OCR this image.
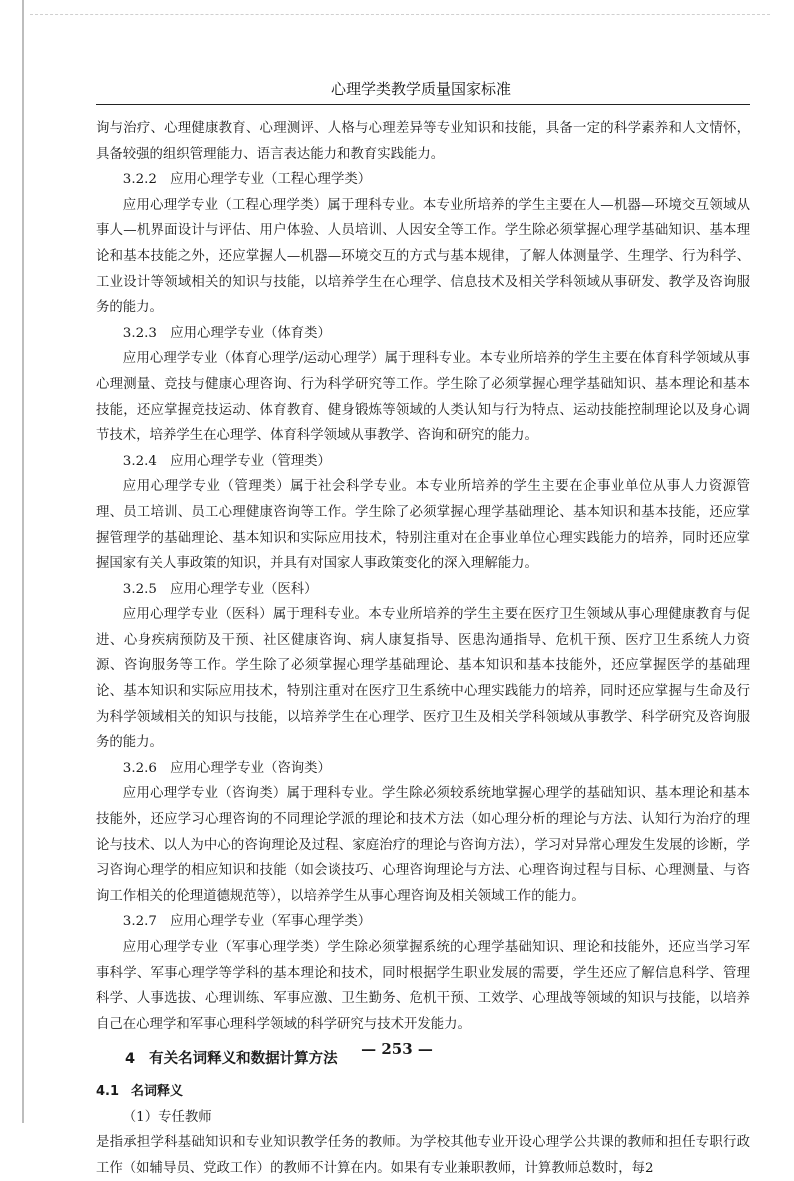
心理学类教学质量国家标准

询与治疗、心理健康教育、心理测评、人格与心理差异等专业知识和技能，具备一定的科学素养和人文情怀，具备较强的组织管理能力、语言表达能力和教育实践能力。

3.2.2　应用心理学专业（工程心理学类）

应用心理学专业（工程心理学类）属于理科专业。本专业所培养的学生主要在人—机器—环境交互领域从事人—机界面设计与评估、用户体验、人员培训、人因安全等工作。学生除必须掌握心理学基础知识、基本理论和基本技能之外，还应掌握人—机器—环境交互的方式与基本规律，了解人体测量学、生理学、行为科学、工业设计等领域相关的知识与技能，以培养学生在心理学、信息技术及相关学科领域从事研发、教学及咨询服务的能力。

3.2.3　应用心理学专业（体育类）

应用心理学专业（体育心理学/运动心理学）属于理科专业。本专业所培养的学生主要在体育科学领域从事心理测量、竞技与健康心理咨询、行为科学研究等工作。学生除了必须掌握心理学基础知识、基本理论和基本技能，还应掌握竞技运动、体育教育、健身锻炼等领域的人类认知与行为特点、运动技能控制理论以及身心调节技术，培养学生在心理学、体育科学领域从事教学、咨询和研究的能力。

3.2.4　应用心理学专业（管理类）

应用心理学专业（管理类）属于社会科学专业。本专业所培养的学生主要在企事业单位从事人力资源管理、员工培训、员工心理健康咨询等工作。学生除了必须掌握心理学基础理论、基本知识和基本技能，还应掌握管理学的基础理论、基本知识和实际应用技术，特别注重对在企事业单位心理实践能力的培养，同时还应掌握国家有关人事政策的知识，并具有对国家人事政策变化的深入理解能力。

3.2.5　应用心理学专业（医科）

应用心理学专业（医科）属于理科专业。本专业所培养的学生主要在医疗卫生领域从事心理健康教育与促进、心身疾病预防及干预、社区健康咨询、病人康复指导、医患沟通指导、危机干预、医疗卫生系统人力资源、咨询服务等工作。学生除了必须掌握心理学基础理论、基本知识和基本技能外，还应掌握医学的基础理论、基本知识和实际应用技术，特别注重对在医疗卫生系统中心理实践能力的培养，同时还应掌握与生命及行为科学领域相关的知识与技能，以培养学生在心理学、医疗卫生及相关学科领域从事教学、科学研究及咨询服务的能力。

3.2.6　应用心理学专业（咨询类）

应用心理学专业（咨询类）属于理科专业。学生除必须较系统地掌握心理学的基础知识、基本理论和基本技能外，还应学习心理咨询的不同理论学派的理论和技术方法（如心理分析的理论与方法、认知行为治疗的理论与技术、以人为中心的咨询理论及过程、家庭治疗的理论与咨询方法），学习对异常心理发生发展的诊断，学习咨询心理学的相应知识和技能（如会谈技巧、心理咨询理论与方法、心理咨询过程与目标、心理测量、与咨询工作相关的伦理道德规范等），以培养学生从事心理咨询及相关领域工作的能力。

3.2.7　应用心理学专业（军事心理学类）

应用心理学专业（军事心理学类）学生除必须掌握系统的心理学基础知识、理论和技能外，还应当学习军事科学、军事心理学等学科的基本理论和技术，同时根据学生职业发展的需要，学生还应了解信息科学、管理科学、人事选拔、心理训练、军事应激、卫生勤务、危机干预、工效学、心理战等领域的知识与技能，以培养自己在心理学和军事心理科学领域的科学研究与技术开发能力。

4 有关名词释义和数据计算方法

4.1 名词释义

（1）专任教师

是指承担学科基础知识和专业知识教学任务的教师。为学校其他专业开设心理学公共课的教师和担任专职行政工作（如辅导员、党政工作）的教师不计算在内。如果有专业兼职教师，计算教师总数时，每2

— 253 —
